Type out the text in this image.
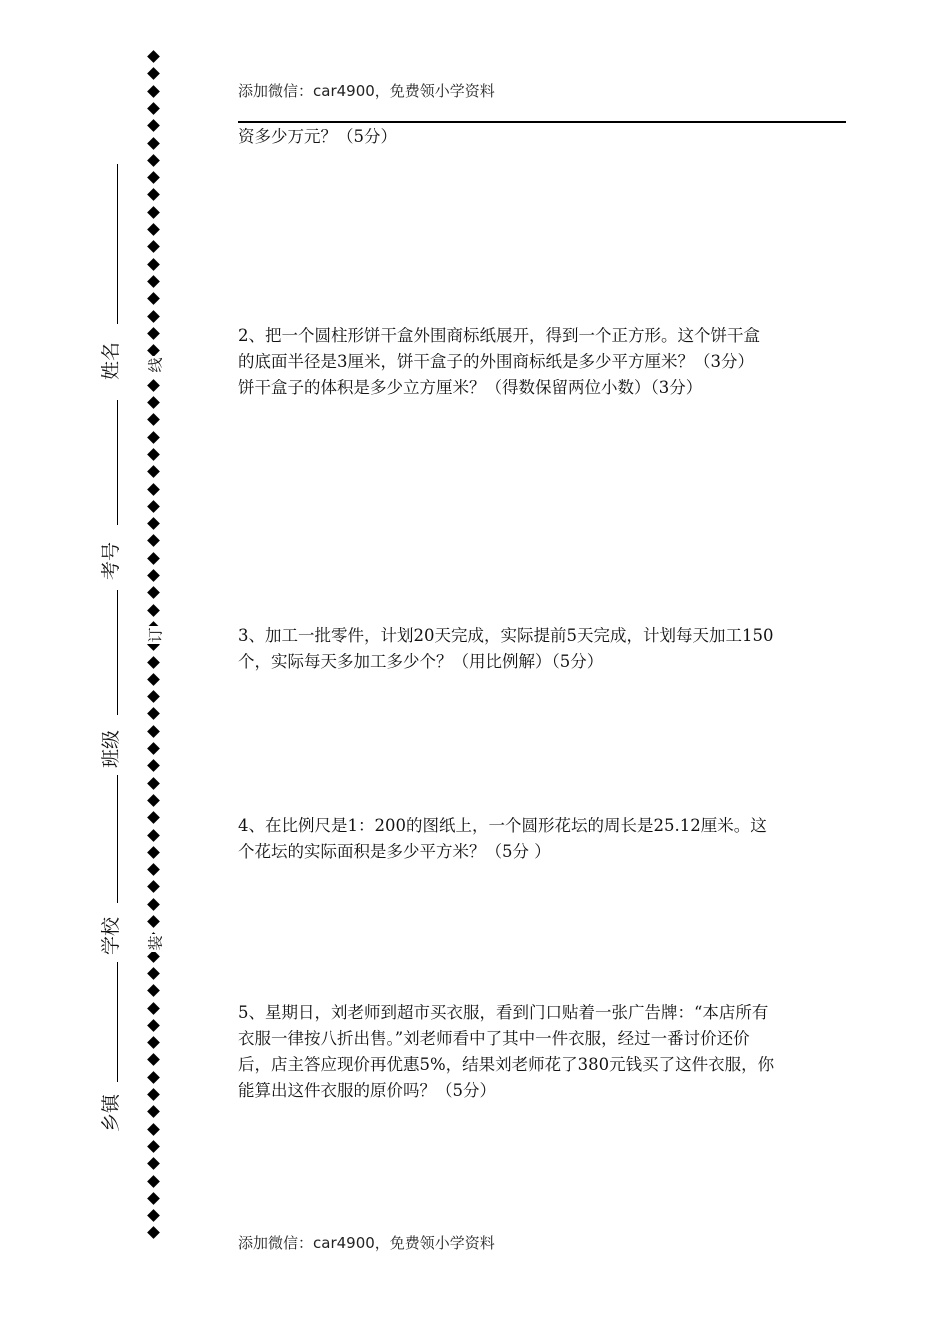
添加微信：car4900，免费领小学资料
线
订
装
姓名
考号
班级
学校
乡镇

资多少万元？（5分）

2、把一个圆柱形饼干盒外围商标纸展开，得到一个正方形。这个饼干盒

的底面半径是3厘米，饼干盒子的外围商标纸是多少平方厘米？（3分）

饼干盒子的体积是多少立方厘米？（得数保留两位小数）（3分）

3、加工一批零件，计划20天完成，实际提前5天完成，计划每天加工150

个，实际每天多加工多少个？（用比例解）（5分）

4、在比例尺是1：200的图纸上，一个圆形花坛的周长是25.12厘米。这

个花坛的实际面积是多少平方米？（5分 ）

5、星期日，刘老师到超市买衣服，看到门口贴着一张广告牌：“本店所有

衣服一律按八折出售。”刘老师看中了其中一件衣服，经过一番讨价还价

后，店主答应现价再优惠5%，结果刘老师花了380元钱买了这件衣服，你

能算出这件衣服的原价吗？（5分）

添加微信：car4900，免费领小学资料
